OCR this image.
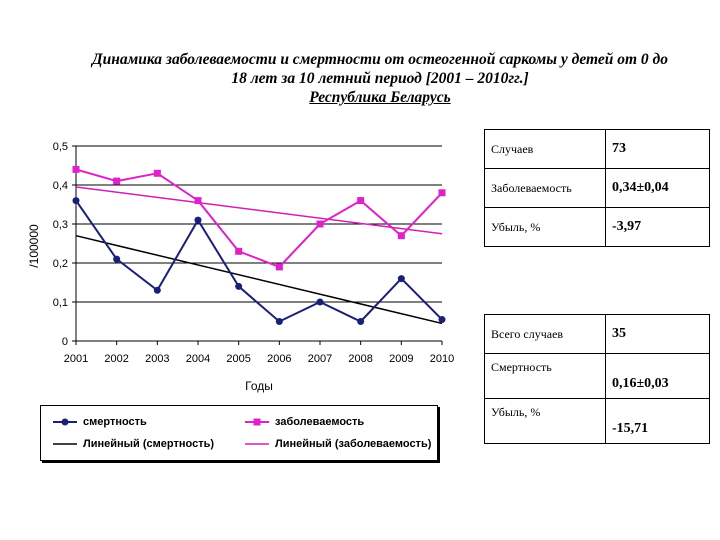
Динамика заболеваемости и смертности от остеогенной саркомы у детей от 0 до
18 лет за 10 летний период [2001 – 2010гг.]
Республика Беларусь
0
0,1
0,2
0,3
0,4
0,5
2001 2002 2003 2004 2005 2006 2007 2008 2009 2010
/100000
Годы
смертность	заболеваемость
Линейный (смертность)	Линейный (заболеваемость)
Случаев	73
Заболеваемость	0,34±0,04
Убыль, %	-3,97
Всего случаев	35
Смертность	0,16±0,03
Убыль, %	-15,71
